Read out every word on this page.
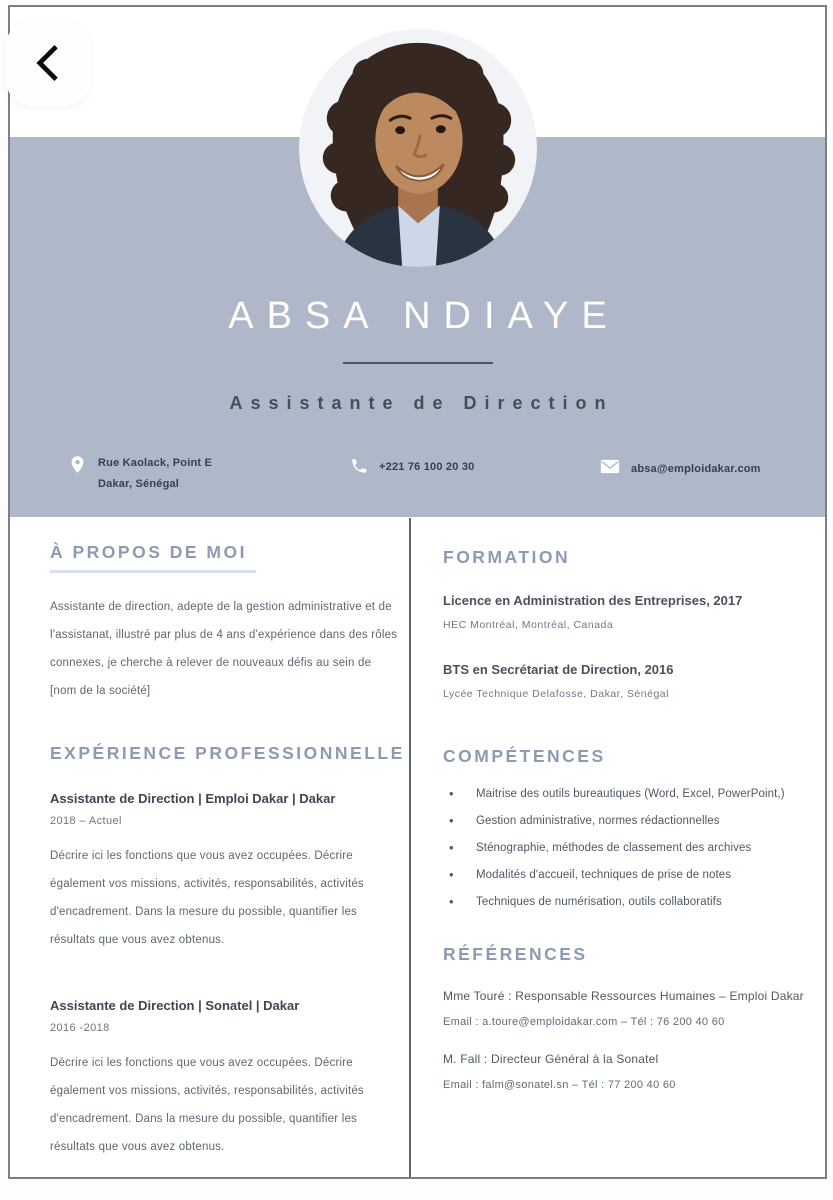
ABSA NDIAYE
Assistante de Direction
Rue Kaolack, Point E
Dakar, Sénégal
+221 76 100 20 30	absa@emploidakar.com
À PROPOS DE MOI

Assistante de direction, adepte de la gestion administrative et de l'assistanat, illustré par plus de 4 ans d'expérience dans des rôles connexes, je cherche à relever de nouveaux défis au sein de [nom de la société]

EXPÉRIENCE PROFESSIONNELLE

Assistante de Direction | Emploi Dakar | Dakar

2018 – Actuel

Décrire ici les fonctions que vous avez occupées. Décrire également vos missions, activités, responsabilités, activités d'encadrement. Dans la mesure du possible, quantifier les résultats que vous avez obtenus.

Assistante de Direction | Sonatel | Dakar

2016 -2018

Décrire ici les fonctions que vous avez occupées. Décrire également vos missions, activités, responsabilités, activités d'encadrement. Dans la mesure du possible, quantifier les résultats que vous avez obtenus.

FORMATION

Licence en Administration des Entreprises, 2017

HEC Montréal, Montréal, Canada

BTS en Secrétariat de Direction, 2016

Lycée Technique Delafosse, Dakar, Sénégal
COMPÉTENCES
• Maitrise des outils bureautiques (Word, Excel, PowerPoint,)
• Gestion administrative, normes rédactionnelles
• Sténographie, méthodes de classement des archives
• Modalités d'accueil, techniques de prise de notes
• Techniques de numérisation, outils collaboratifs
RÉFÉRENCES

Mme Touré : Responsable Ressources Humaines – Emploi Dakar

Email : a.toure@emploidakar.com – Tél : 76 200 40 60

M. Fall : Directeur Général à la Sonatel

Email : falm@sonatel.sn – Tél : 77 200 40 60
